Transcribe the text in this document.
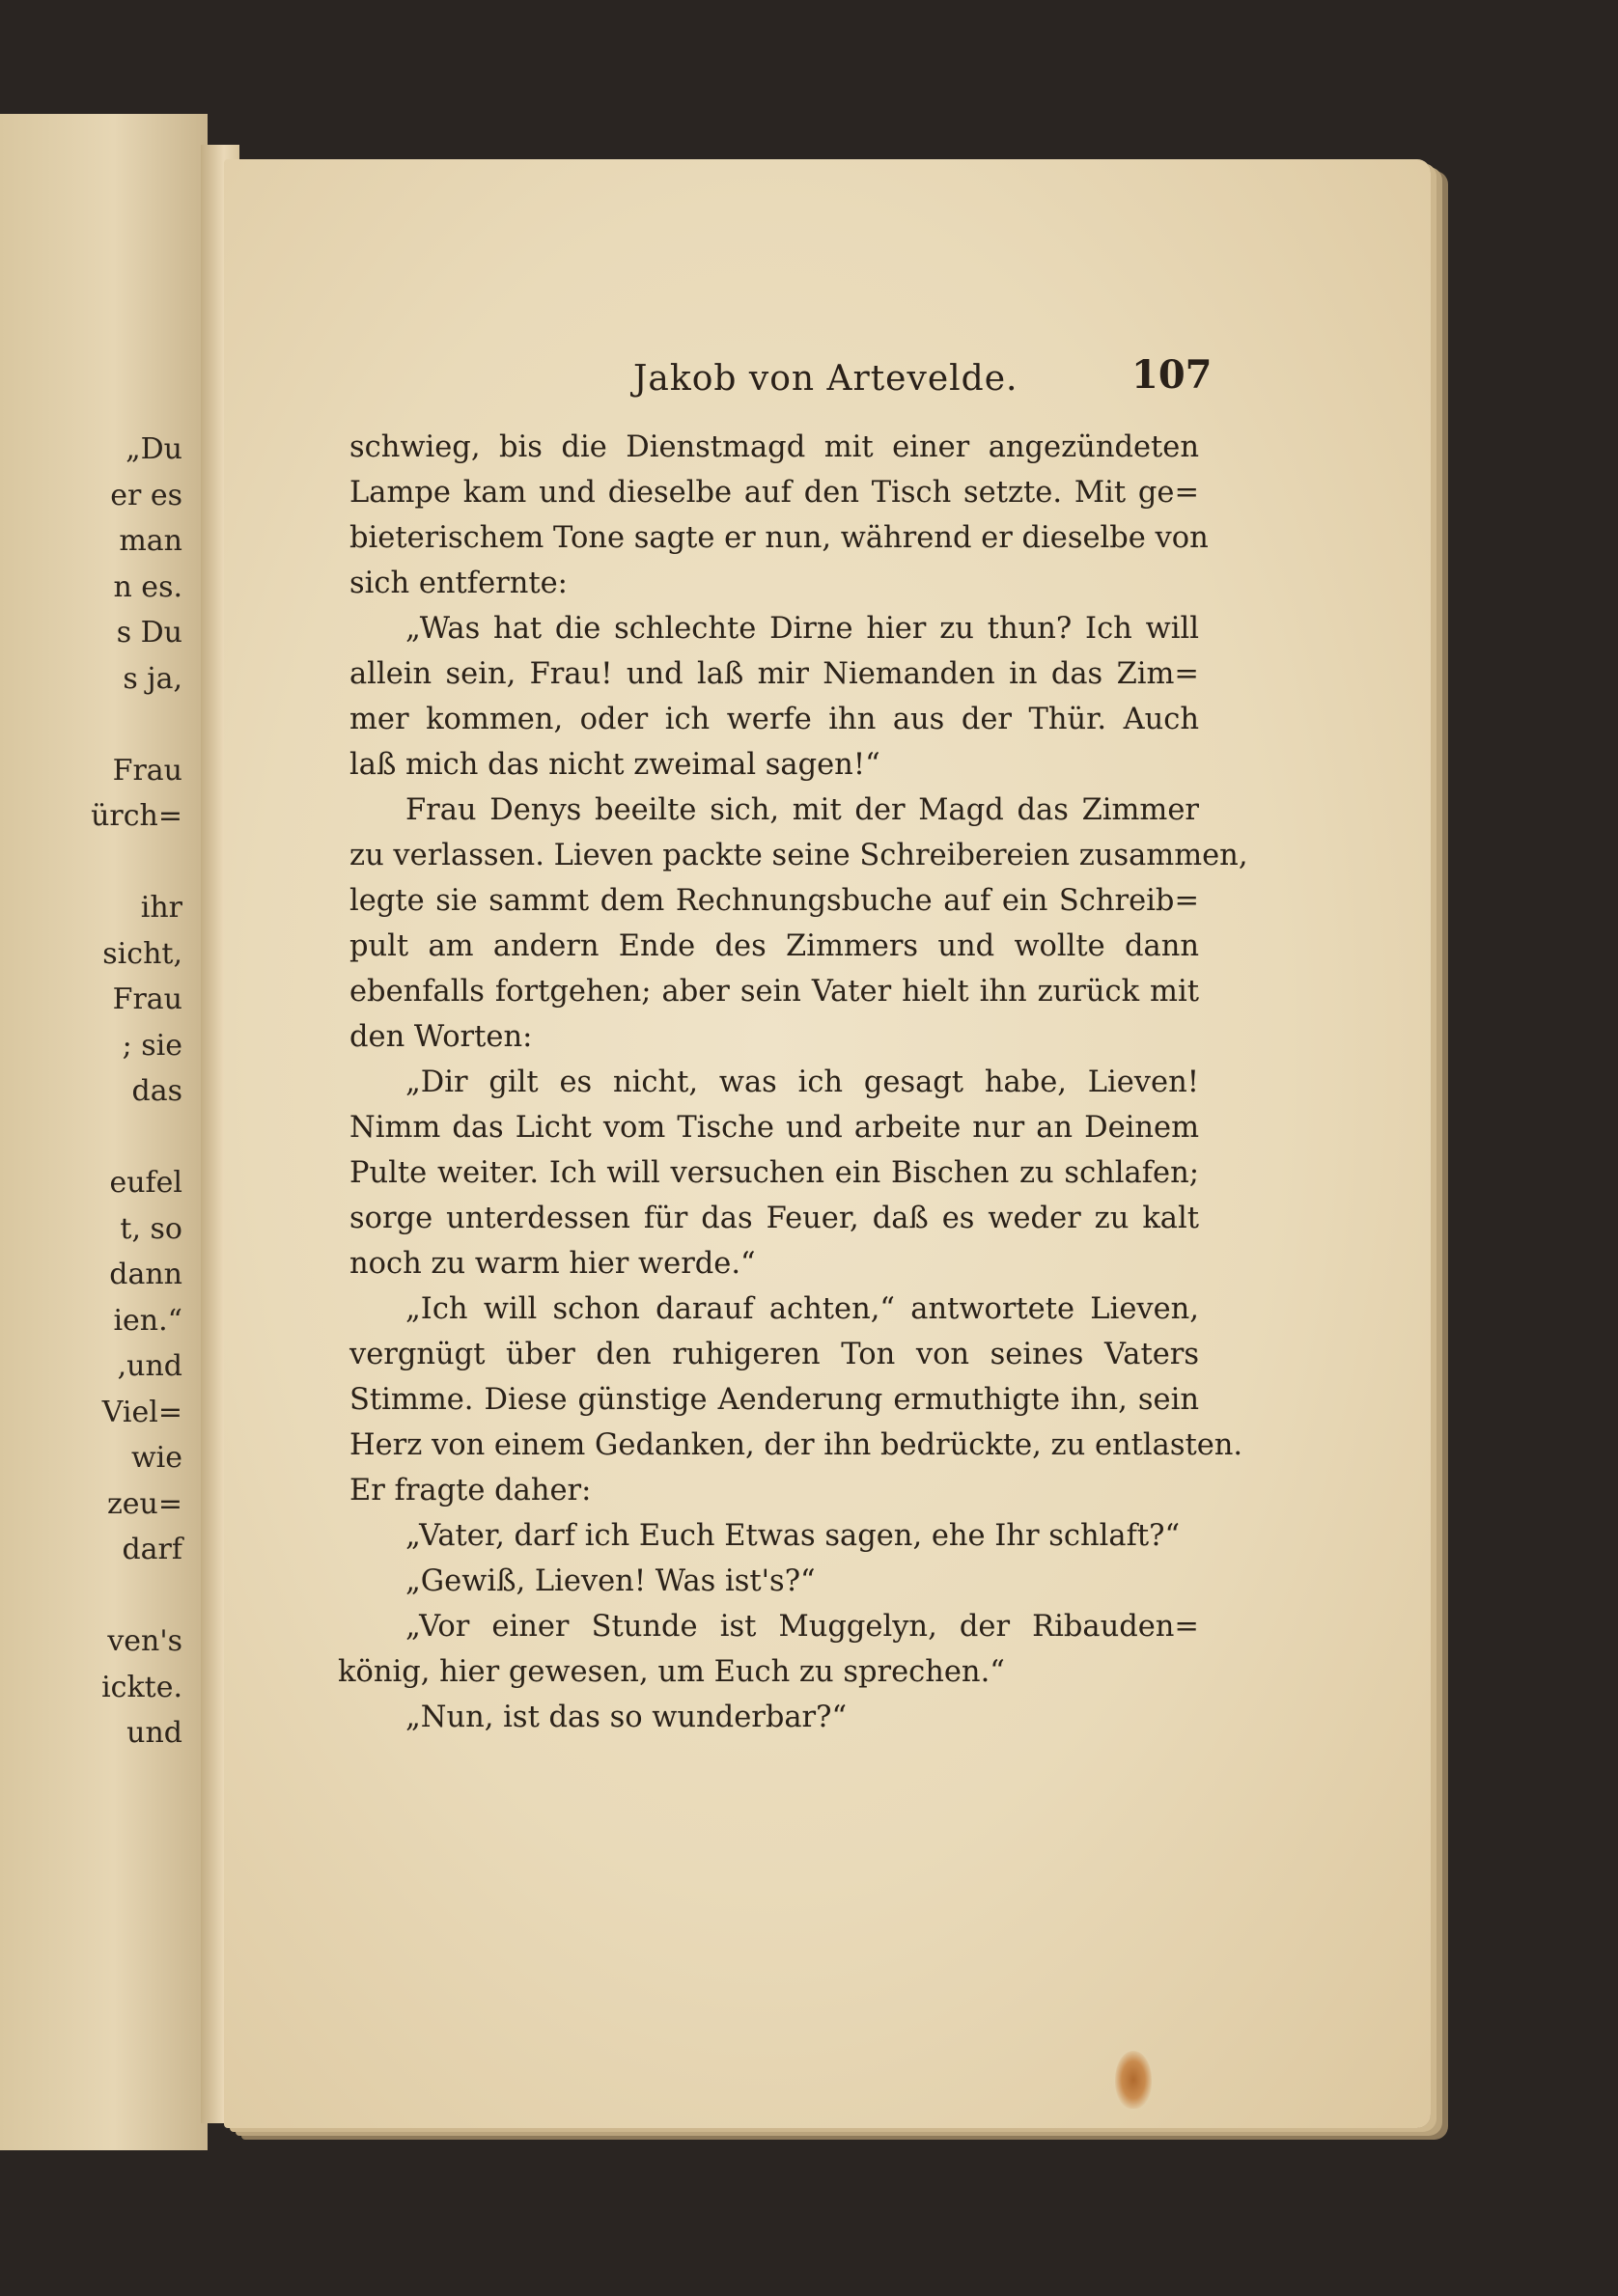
„Du
er es
man
n es.
s Du
s ja,
Frau
ürch=
ihr
sicht,
Frau
; sie
das
eufel
t, so
dann
ien.“
,und
Viel=
wie
zeu=
darf
ven's
ickte.
und
Jakob von Artevelde.	107
schwieg, bis die Dienstmagd mit einer angezündeten
Lampe kam und dieselbe auf den Tisch setzte. Mit ge=
bieterischem Tone sagte er nun, während er dieselbe von
sich entfernte:
„Was hat die schlechte Dirne hier zu thun? Ich will
allein sein, Frau! und laß mir Niemanden in das Zim=
mer kommen, oder ich werfe ihn aus der Thür. Auch
laß mich das nicht zweimal sagen!“
Frau Denys beeilte sich, mit der Magd das Zimmer
zu verlassen. Lieven packte seine Schreibereien zusammen,
legte sie sammt dem Rechnungsbuche auf ein Schreib=
pult am andern Ende des Zimmers und wollte dann
ebenfalls fortgehen; aber sein Vater hielt ihn zurück mit
den Worten:
„Dir gilt es nicht, was ich gesagt habe, Lieven!
Nimm das Licht vom Tische und arbeite nur an Deinem
Pulte weiter. Ich will versuchen ein Bischen zu schlafen;
sorge unterdessen für das Feuer, daß es weder zu kalt
noch zu warm hier werde.“
„Ich will schon darauf achten,“ antwortete Lieven,
vergnügt über den ruhigeren Ton von seines Vaters
Stimme. Diese günstige Aenderung ermuthigte ihn, sein
Herz von einem Gedanken, der ihn bedrückte, zu entlasten.
Er fragte daher:
„Vater, darf ich Euch Etwas sagen, ehe Ihr schlaft?“
„Gewiß, Lieven! Was ist's?“
„Vor einer Stunde ist Muggelyn, der Ribauden=
könig, hier gewesen, um Euch zu sprechen.“
„Nun, ist das so wunderbar?“
